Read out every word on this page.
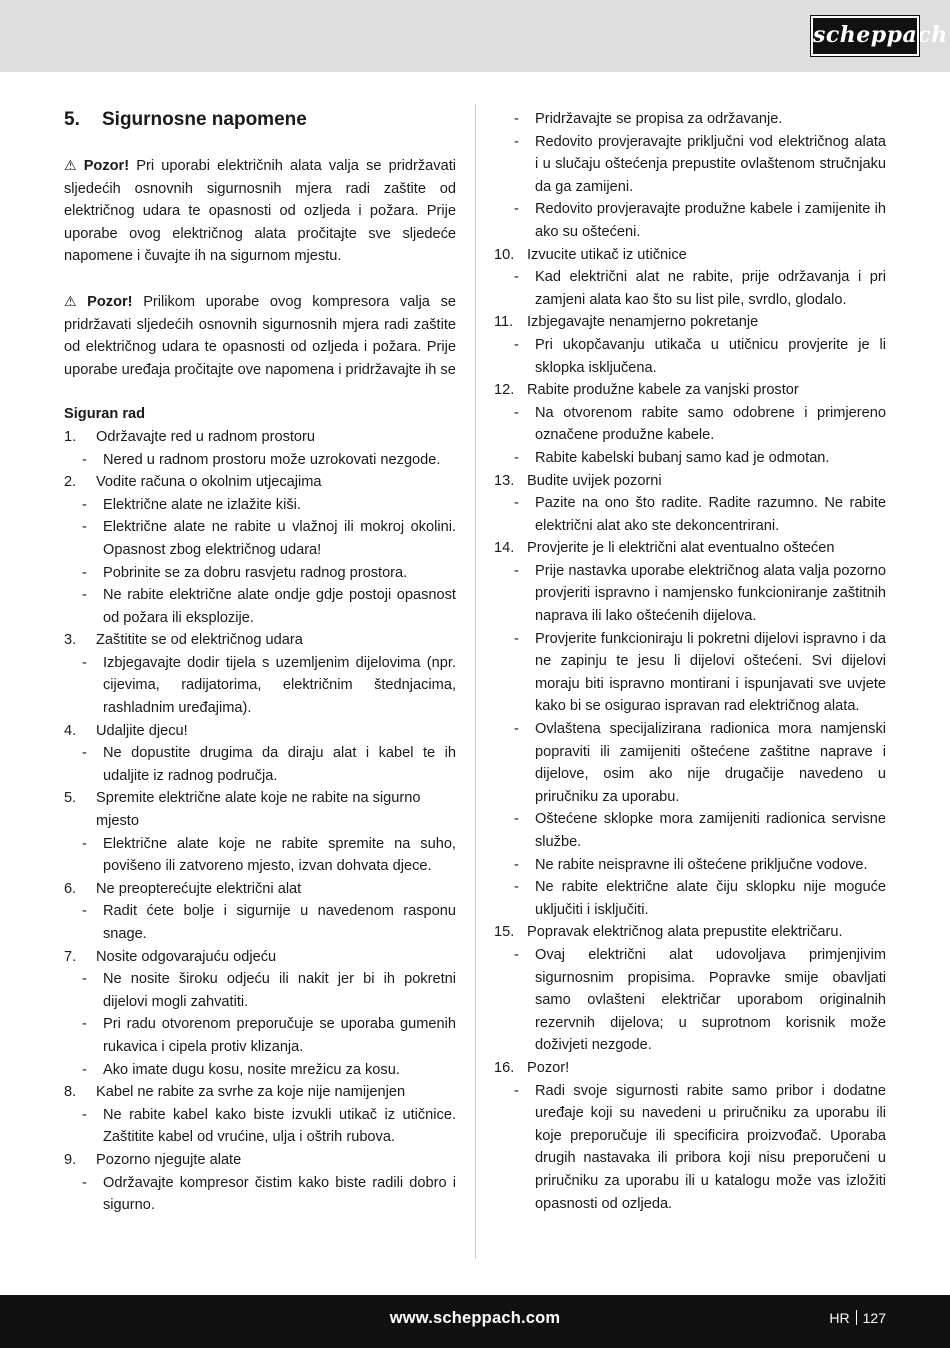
scheppach
5. Sigurnosne napomene
⚠ Pozor! Pri uporabi električnih alata valja se pridržavati sljedećih osnovnih sigurnosnih mjera radi zaštite od električnog udara te opasnosti od ozljeda i požara. Prije uporabe ovog električnog alata pročitajte sve sljedeće napomene i čuvajte ih na sigurnom mjestu.
⚠ Pozor! Prilikom uporabe ovog kompresora valja se pridržavati sljedećih osnovnih sigurnosnih mjera radi zaštite od električnog udara te opasnosti od ozljeda i požara. Prije uporabe uređaja pročitajte ove napomena i pridržavajte ih se
Siguran rad
1.	Održavajte red u radnom prostoru
-	Nered u radnom prostoru može uzrokovati nezgode.
2.	Vodite računa o okolnim utjecajima
-	Električne alate ne izlažite kiši.
-	Električne alate ne rabite u vlažnoj ili mokroj okolini. Opasnost zbog električnog udara!
-	Pobrinite se za dobru rasvjetu radnog prostora.
-	Ne rabite električne alate ondje gdje postoji opasnost od požara ili eksplozije.
3.	Zaštitite se od električnog udara
-	Izbjegavajte dodir tijela s uzemljenim dijelovima (npr. cijevima, radijatorima, električnim štednjacima, rashladnim uređajima).
4.	Udaljite djecu!
-	Ne dopustite drugima da diraju alat i kabel te ih udaljite iz radnog područja.
5.	Spremite električne alate koje ne rabite na sigurno mjesto
-	Električne alate koje ne rabite spremite na suho, povišeno ili zatvoreno mjesto, izvan dohvata djece.
6.	Ne preopterećujte električni alat
-	Radit ćete bolje i sigurnije u navedenom rasponu snage.
7.	Nosite odgovarajuću odjeću
-	Ne nosite široku odjeću ili nakit jer bi ih pokretni dijelovi mogli zahvatiti.
-	Pri radu otvorenom preporučuje se uporaba gumenih rukavica i cipela protiv klizanja.
-	Ako imate dugu kosu, nosite mrežicu za kosu.
8.	Kabel ne rabite za svrhe za koje nije namijenjen
-	Ne rabite kabel kako biste izvukli utikač iz utičnice. Zaštitite kabel od vrućine, ulja i oštrih rubova.
9.	Pozorno njegujte alate
-	Održavajte kompresor čistim kako biste radili dobro i sigurno.
-	Pridržavajte se propisa za održavanje.
-	Redovito provjeravajte priključni vod električnog alata i u slučaju oštećenja prepustite ovlaštenom stručnjaku da ga zamijeni.
-	Redovito provjeravajte produžne kabele i zamijenite ih ako su oštećeni.
10. Izvucite utikač iz utičnice
-	Kad električni alat ne rabite, prije održavanja i pri zamjeni alata kao što su list pile, svrdlo, glodalo.
11. Izbjegavajte nenamjerno pokretanje
-	Pri ukopčavanju utikača u utičnicu provjerite je li sklopka isključena.
12. Rabite produžne kabele za vanjski prostor
-	Na otvorenom rabite samo odobrene i primjereno označene produžne kabele.
-	Rabite kabelski bubanj samo kad je odmotan.
13. Budite uvijek pozorni
-	Pazite na ono što radite. Radite razumno. Ne rabite električni alat ako ste dekoncentrirani.
14. Provjerite je li električni alat eventualno oštećen
-	Prije nastavka uporabe električnog alata valja pozorno provjeriti ispravno i namjensko funkcioniranje zaštitnih naprava ili lako oštećenih dijelova.
-	Provjerite funkcioniraju li pokretni dijelovi ispravno i da ne zapinju te jesu li dijelovi oštećeni. Svi dijelovi moraju biti ispravno montirani i ispunjavati sve uvjete kako bi se osigurao ispravan rad električnog alata.
-	Ovlaštena specijalizirana radionica mora namjenski popraviti ili zamijeniti oštećene zaštitne naprave i dijelove, osim ako nije drugačije navedeno u priručniku za uporabu.
-	Oštećene sklopke mora zamijeniti radionica servisne službe.
-	Ne rabite neispravne ili oštećene priključne vodove.
-	Ne rabite električne alate čiju sklopku nije moguće uključiti i isključiti.
15. Popravak električnog alata prepustite električaru.
-	Ovaj električni alat udovoljava primjenjivim sigurnosnim propisima. Popravke smije obavljati samo ovlašteni električar uporabom originalnih rezervnih dijelova; u suprotnom korisnik može doživjeti nezgode.
16. Pozor!
-	Radi svoje sigurnosti rabite samo pribor i dodatne uređaje koji su navedeni u priručniku za uporabu ili koje preporučuje ili specificira proizvođač. Uporaba drugih nastavaka ili pribora koji nisu preporučeni u priručniku za uporabu ili u katalogu može vas izložiti opasnosti od ozljeda.
www.scheppach.com	HR 127
